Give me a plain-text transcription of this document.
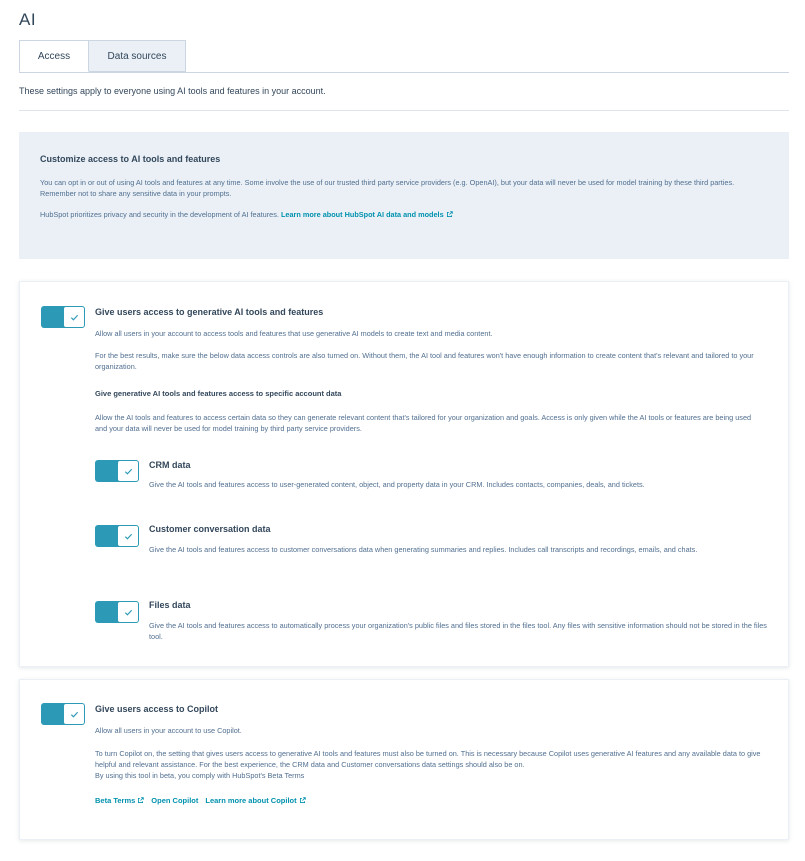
AI
Access	Data sources
These settings apply to everyone using AI tools and features in your account.
Customize access to AI tools and features

You can opt in or out of using AI tools and features at any time. Some involve the use of our trusted third party service providers (e.g. OpenAI), but your data will never be used for model training by these third parties. Remember not to share any sensitive data in your prompts.

HubSpot prioritizes privacy and security in the development of AI features. Learn more about HubSpot AI data and models

Give users access to generative AI tools and features
Allow all users in your account to access tools and features that use generative AI models to create text and media content.
For the best results, make sure the below data access controls are also turned on. Without them, the AI tool and features won't have enough information to create content that's relevant and tailored to your organization.
Give generative AI tools and features access to specific account data
Allow the AI tools and features to access certain data so they can generate relevant content that's tailored for your organization and goals. Access is only given while the AI tools or features are being used and your data will never be used for model training by third party service providers.
CRM data
Give the AI tools and features access to user-generated content, object, and property data in your CRM. Includes contacts, companies, deals, and tickets.
Customer conversation data
Give the AI tools and features access to customer conversations data when generating summaries and replies. Includes call transcripts and recordings, emails, and chats.
Files data
Give the AI tools and features access to automatically process your organization's public files and files stored in the files tool. Any files with sensitive information should not be stored in the files tool.
Give users access to Copilot
Allow all users in your account to use Copilot.
To turn Copilot on, the setting that gives users access to generative AI tools and features must also be turned on. This is necessary because Copilot uses generative AI features and any available data to give helpful and relevant assistance. For the best experience, the CRM data and Customer conversations data settings should also be on.
By using this tool in beta, you comply with HubSpot's Beta Terms
Beta Terms	Open Copilot Learn more about Copilot
